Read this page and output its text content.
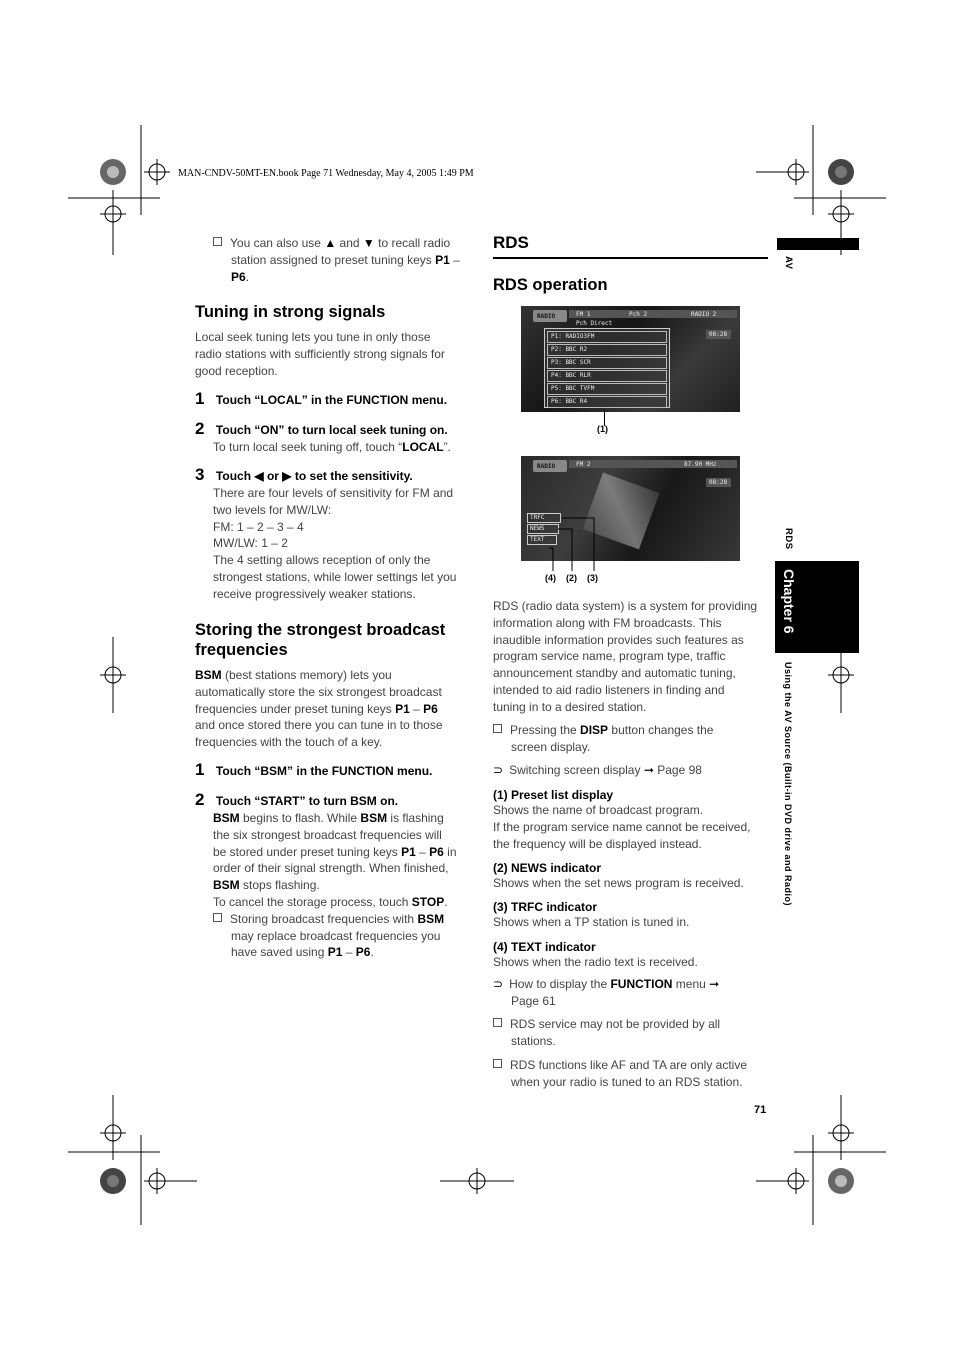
MAN-CNDV-50MT-EN.book Page 71 Wednesday, May 4, 2005 1:49 PM
You can also use ▲ and ▼ to recall radio
station assigned to preset tuning keys P1 –
P6.
Tuning in strong signals
Local seek tuning lets you tune in only those
radio stations with sufficiently strong signals for
good reception.
1 Touch “LOCAL” in the FUNCTION menu.
2 Touch “ON” to turn local seek tuning on.
To turn local seek tuning off, touch “LOCAL”.
3 Touch ◀ or ▶ to set the sensitivity.
There are four levels of sensitivity for FM and
two levels for MW/LW:
FM: 1 – 2 – 3 – 4
MW/LW: 1 – 2
The 4 setting allows reception of only the
strongest stations, while lower settings let you
receive progressively weaker stations.
Storing the strongest broadcast
frequencies
BSM (best stations memory) lets you
automatically store the six strongest broadcast
frequencies under preset tuning keys P1 – P6
and once stored there you can tune in to those
frequencies with the touch of a key.
1 Touch “BSM” in the FUNCTION menu.
2 Touch “START” to turn BSM on.
BSM begins to flash. While BSM is flashing
the six strongest broadcast frequencies will
be stored under preset tuning keys P1 – P6 in
order of their signal strength. When finished,
BSM stops flashing.
To cancel the storage process, touch STOP.
Storing broadcast frequencies with BSM
may replace broadcast frequencies you
have saved using P1 – P6.
RDS
RDS operation
RADIO	FM 1	Pch 2	RADIO 2
Pch Direct
08:28
P1: RADIO3FM
P2: BBC R2
P3: BBC SCR
P4: BBC RLR
P5: BBC TVFM
P6: BBC R4
(1)
RADIO	FM 2	87.90 MHz
08:28
TRFC
NEWS
TEXT
(4) (2) (3)
RDS (radio data system) is a system for providing
information along with FM broadcasts. This
inaudible information provides such features as
program service name, program type, traffic
announcement standby and automatic tuning,
intended to aid radio listeners in finding and
tuning in to a desired station.
Pressing the DISP button changes the
screen display.
⊃ Switching screen display ➞ Page 98
(1) Preset list display
Shows the name of broadcast program.
If the program service name cannot be received,
the frequency will be displayed instead.
(2) NEWS indicator
Shows when the set news program is received.
(3) TRFC indicator
Shows when a TP station is tuned in.
(4) TEXT indicator
Shows when the radio text is received.
⊃ How to display the FUNCTION menu ➞
Page 61
RDS service may not be provided by all
stations.
RDS functions like AF and TA are only active
when your radio is tuned to an RDS station.
71
AV
RDS
Chapter 6
Using the AV Source (Built-in DVD drive and Radio)
